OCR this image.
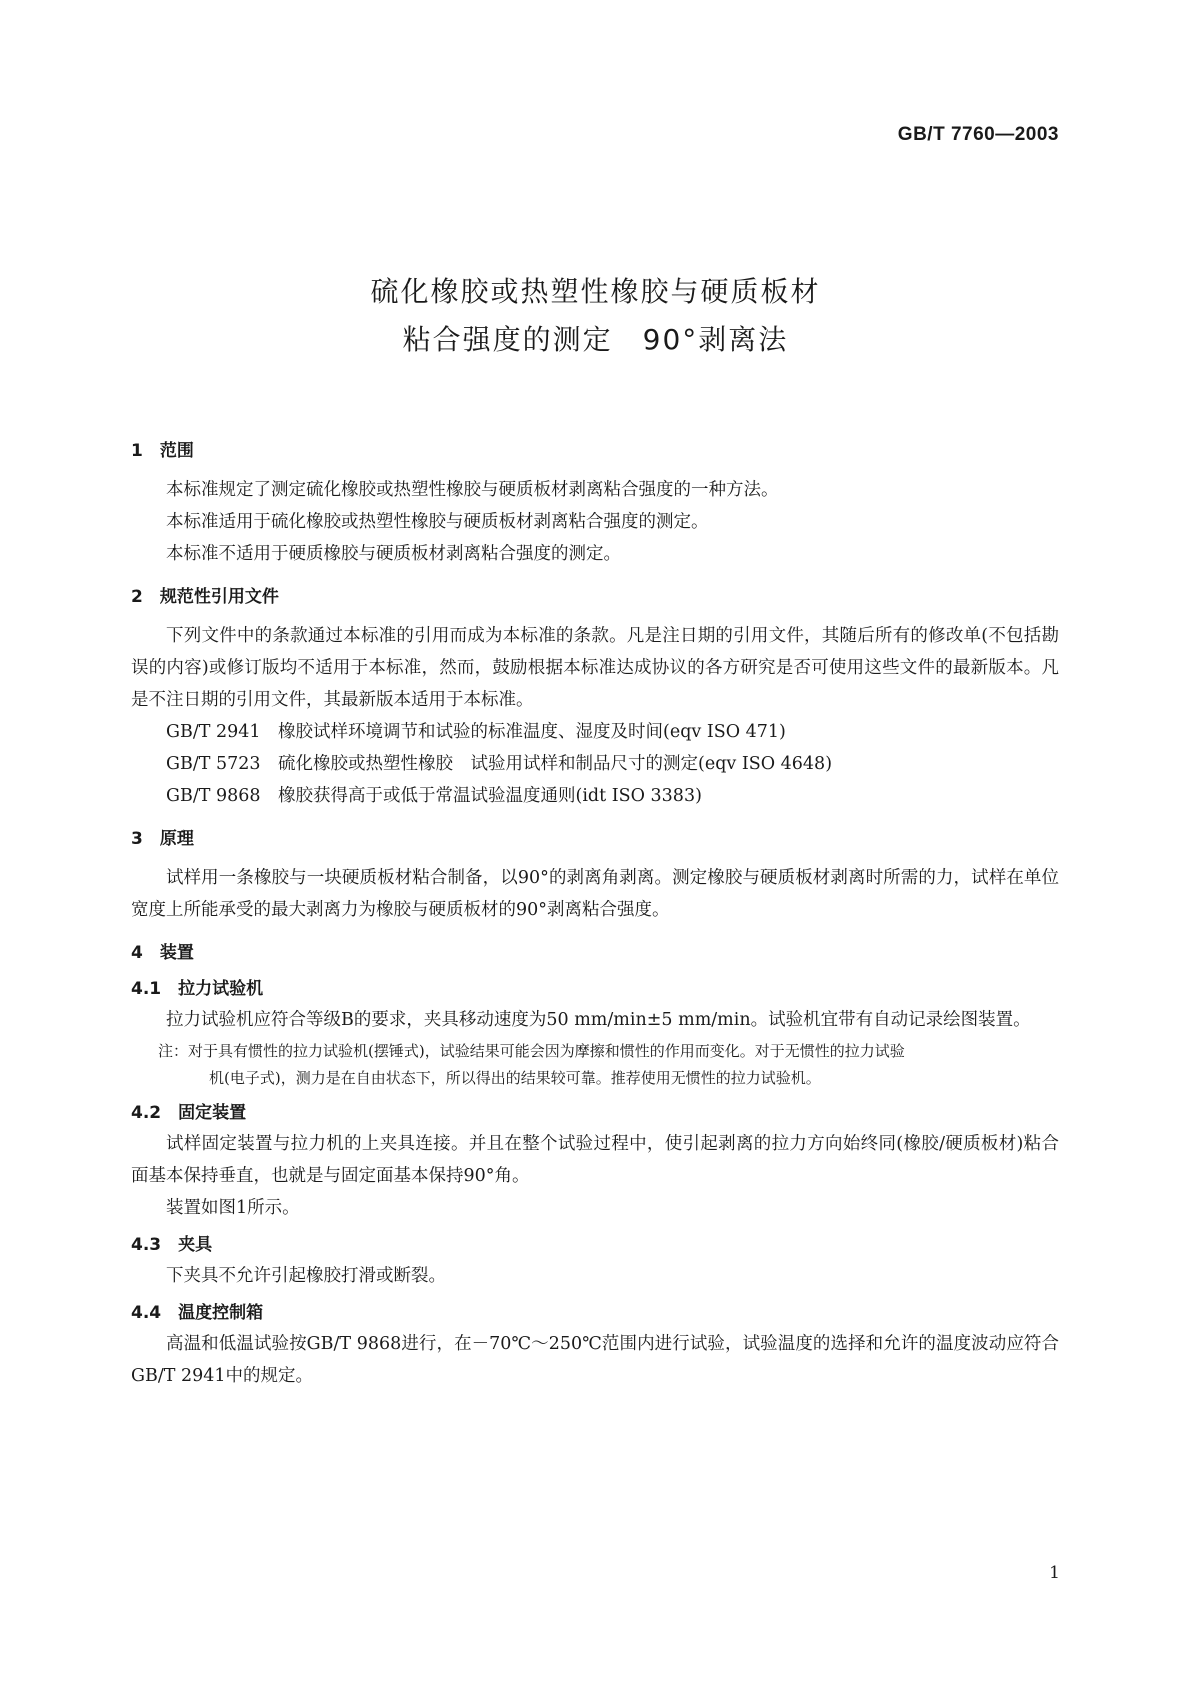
GB/T 7760—2003
硫化橡胶或热塑性橡胶与硬质板材
粘合强度的测定　90°剥离法
1　范围

本标准规定了测定硫化橡胶或热塑性橡胶与硬质板材剥离粘合强度的一种方法。

本标准适用于硫化橡胶或热塑性橡胶与硬质板材剥离粘合强度的测定。

本标准不适用于硬质橡胶与硬质板材剥离粘合强度的测定。

2　规范性引用文件

下列文件中的条款通过本标准的引用而成为本标准的条款。凡是注日期的引用文件，其随后所有的修改单(不包括勘误的内容)或修订版均不适用于本标准，然而，鼓励根据本标准达成协议的各方研究是否可使用这些文件的最新版本。凡是不注日期的引用文件，其最新版本适用于本标准。

GB/T 2941　橡胶试样环境调节和试验的标准温度、湿度及时间(eqv ISO 471)
GB/T 5723　硫化橡胶或热塑性橡胶　试验用试样和制品尺寸的测定(eqv ISO 4648)
GB/T 9868　橡胶获得高于或低于常温试验温度通则(idt ISO 3383)
3　原理

试样用一条橡胶与一块硬质板材粘合制备，以90°的剥离角剥离。测定橡胶与硬质板材剥离时所需的力，试样在单位宽度上所能承受的最大剥离力为橡胶与硬质板材的90°剥离粘合强度。

4　装置
4.1　拉力试验机

拉力试验机应符合等级B的要求，夹具移动速度为50 mm/min±5 mm/min。试验机宜带有自动记录绘图装置。

注：对于具有惯性的拉力试验机(摆锤式)，试验结果可能会因为摩擦和惯性的作用而变化。对于无惯性的拉力试验
机(电子式)，测力是在自由状态下，所以得出的结果较可靠。推荐使用无惯性的拉力试验机。
4.2　固定装置

试样固定装置与拉力机的上夹具连接。并且在整个试验过程中，使引起剥离的拉力方向始终同(橡胶/硬质板材)粘合面基本保持垂直，也就是与固定面基本保持90°角。

装置如图1所示。

4.3　夹具

下夹具不允许引起橡胶打滑或断裂。

4.4　温度控制箱

高温和低温试验按GB/T 9868进行，在－70℃～250℃范围内进行试验，试验温度的选择和允许的温度波动应符合GB/T 2941中的规定。

1
